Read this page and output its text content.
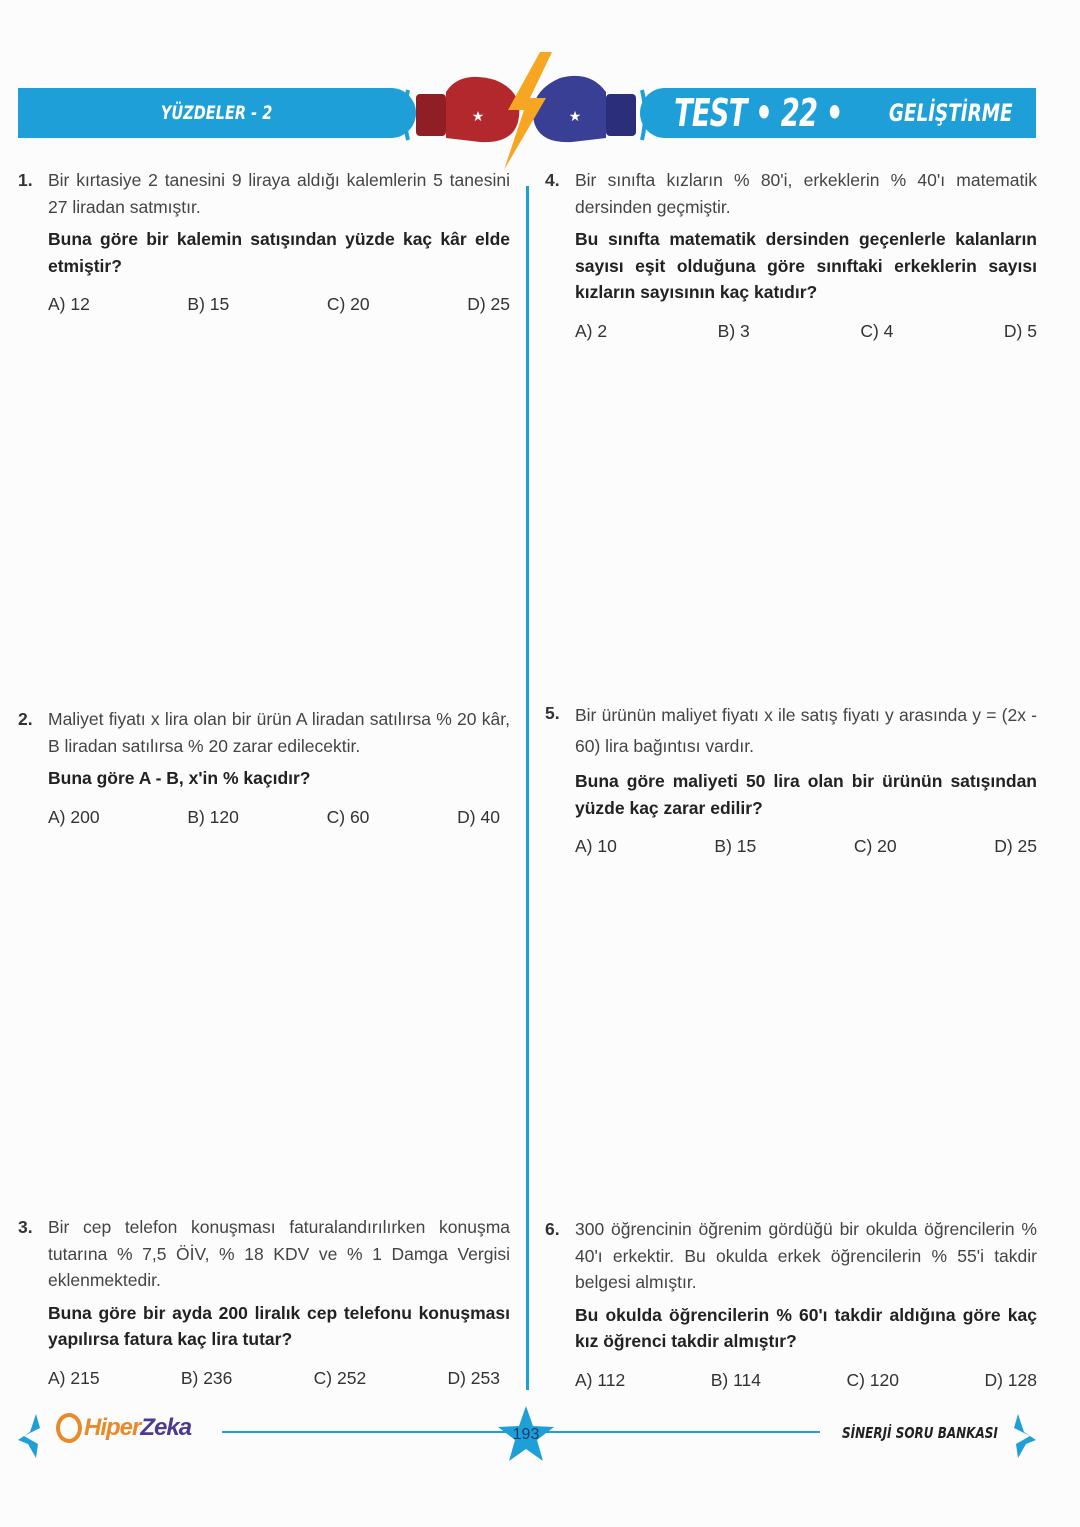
YÜZDELER - 2	TEST • 22 • GELİŞTİRME
★	★
1. Bir kırtasiye 2 tanesini 9 liraya aldığı kalemlerin 5 tanesini 27 liradan satmıştır.

Buna göre bir kalemin satışından yüzde kaç kâr elde etmiştir?

A) 12	B) 15	C) 20	D) 25
2. Maliyet fiyatı x lira olan bir ürün A liradan satılırsa % 20 kâr, B liradan satılırsa % 20 zarar edilecektir.

Buna göre A - B, x'in % kaçıdır?

A) 200	B) 120	C) 60	D) 40
3. Bir cep telefon konuşması faturalandırılırken konuşma tutarına % 7,5 ÖİV, % 18 KDV ve % 1 Damga Vergisi eklenmektedir.

Buna göre bir ayda 200 liralık cep telefonu konuşması yapılırsa fatura kaç lira tutar?

A) 215	B) 236	C) 252	D) 253
4. Bir sınıfta kızların % 80'i, erkeklerin % 40'ı matematik dersinden geçmiştir.

Bu sınıfta matematik dersinden geçenlerle kalanların sayısı eşit olduğuna göre sınıftaki erkeklerin sayısı kızların sayısının kaç katıdır?

A) 2	B) 3	C) 4	D) 5
5. Bir ürünün maliyet fiyatı x ile satış fiyatı y arasında y = (2x - 60) lira bağıntısı vardır.

Buna göre maliyeti 50 lira olan bir ürünün satışından yüzde kaç zarar edilir?

A) 10	B) 15	C) 20	D) 25
6. 300 öğrencinin öğrenim gördüğü bir okulda öğrencilerin % 40'ı erkektir. Bu okulda erkek öğrencilerin % 55'i takdir belgesi almıştır.

Bu okulda öğrencilerin % 60'ı takdir aldığına göre kaç kız öğrenci takdir almıştır?

A) 112	B) 114	C) 120	D) 128
Hiper Zeka	193	SİNERJİ SORU BANKASI
